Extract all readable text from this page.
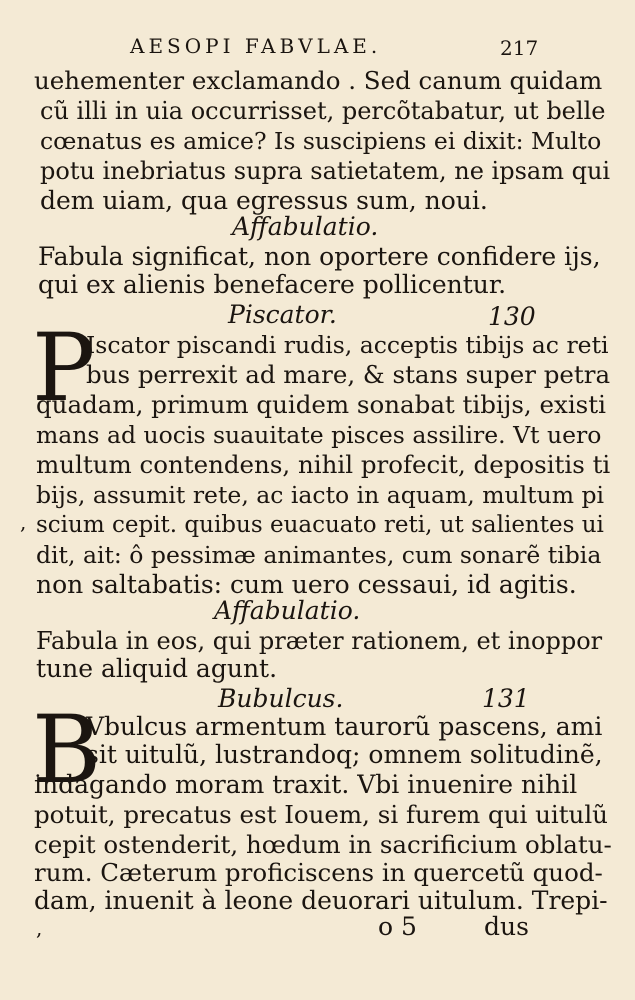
AESOPI FABVLAE.	217
uehementer exclamando . Sed canum quidam
cũ illi in uia occurrisset, percõtabatur, ut belle
cœnatus es amice? Is suscipiens ei dixit: Multo
potu inebriatus supra satietatem, ne ipsam qui
dem uiam, qua egressus sum, noui.
Affabulatio.
Fabula significat, non oportere confidere ijs,
qui ex alienis benefacere pollicentur.
Piscator.	130
P
Iscator piscandi rudis, acceptis tibijs ac reti
bus perrexit ad mare, & stans super petra
quadam, primum quidem sonabat tibijs, existi
mans ad uocis suauitate pisces assilire. Vt uero
multum contendens, nihil profecit, depositis ti
bijs, assumit rete, ac iacto in aquam, multum pi
scium cepit. quibus euacuato reti, ut salientes ui
dit, ait: ô pessimæ animantes, cum sonarẽ tibia
non saltabatis: cum uero cessaui, id agitis.
Affabulatio.
Fabula in eos, qui præter rationem, et inoppor
tune aliquid agunt.
Bubulcus.	131
B
Vbulcus armentum taurorũ pascens, ami
sit uitulũ, lustrandoq; omnem solitudinẽ,
indagando moram traxit. Vbi inuenire nihil
potuit, precatus est Iouem, si furem qui uitulũ
cepit ostenderit, hœdum in sacrificium oblatu-
rum. Cæterum proficiscens in quercetũ quod-
dam, inuenit à leone deuorari uitulum. Trepi-
o 5	dus
,
,
